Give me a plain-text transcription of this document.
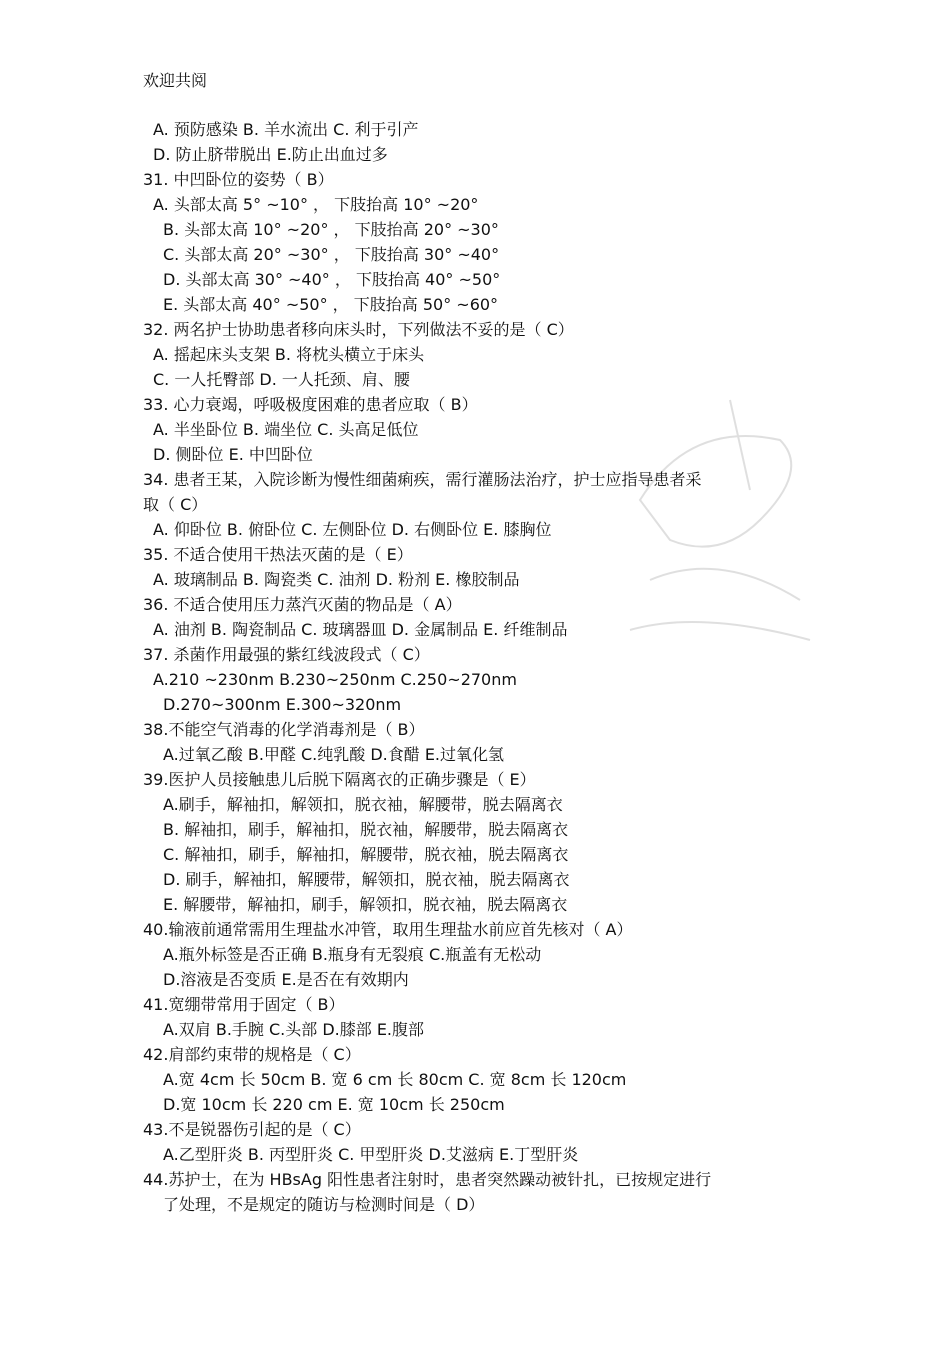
欢迎共阅
A. 预防感染 B. 羊水流出 C. 利于引产
D. 防止脐带脱出 E.防止出血过多
31. 中凹卧位的姿势（ B）
A. 头部太高 5° ~10° ， 下肢抬高 10° ~20°
B. 头部太高 10° ~20° ， 下肢抬高 20° ~30°
C. 头部太高 20° ~30° ， 下肢抬高 30° ~40°
D. 头部太高 30° ~40° ， 下肢抬高 40° ~50°
E. 头部太高 40° ~50° ， 下肢抬高 50° ~60°
32. 两名护士协助患者移向床头时，下列做法不妥的是（ C）
A. 摇起床头支架 B. 将枕头横立于床头
C. 一人托臀部 D. 一人托颈、肩、腰
33. 心力衰竭，呼吸极度困难的患者应取（ B）
A. 半坐卧位 B. 端坐位 C. 头高足低位
D. 侧卧位 E. 中凹卧位
34. 患者王某，入院诊断为慢性细菌痢疾，需行灌肠法治疗，护士应指导患者采
取（ C）
A. 仰卧位 B. 俯卧位 C. 左侧卧位 D. 右侧卧位 E. 膝胸位
35. 不适合使用干热法灭菌的是（ E）
A. 玻璃制品 B. 陶瓷类 C. 油剂 D. 粉剂 E. 橡胶制品
36. 不适合使用压力蒸汽灭菌的物品是（ A）
A. 油剂 B. 陶瓷制品 C. 玻璃器皿 D. 金属制品 E. 纤维制品
37. 杀菌作用最强的紫红线波段式（ C）
A.210 ~230nm B.230~250nm C.250~270nm
D.270~300nm E.300~320nm
38.不能空气消毒的化学消毒剂是（ B）
A.过氧乙酸 B.甲醛 C.纯乳酸 D.食醋 E.过氧化氢
39.医护人员接触患儿后脱下隔离衣的正确步骤是（ E）
A.刷手，解袖扣，解领扣，脱衣袖，解腰带，脱去隔离衣
B. 解袖扣，刷手，解袖扣，脱衣袖，解腰带，脱去隔离衣
C. 解袖扣，刷手，解袖扣，解腰带，脱衣袖，脱去隔离衣
D. 刷手，解袖扣，解腰带，解领扣，脱衣袖，脱去隔离衣
E. 解腰带，解袖扣，刷手，解领扣，脱衣袖，脱去隔离衣
40.输液前通常需用生理盐水冲管，取用生理盐水前应首先核对（ A）
A.瓶外标签是否正确 B.瓶身有无裂痕 C.瓶盖有无松动
D.溶液是否变质 E.是否在有效期内
41.宽绷带常用于固定（ B）
A.双肩 B.手腕 C.头部 D.膝部 E.腹部
42.肩部约束带的规格是（ C）
A.宽 4cm 长 50cm B. 宽 6 cm 长 80cm C. 宽 8cm 长 120cm
D.宽 10cm 长 220 cm E. 宽 10cm 长 250cm
43.不是锐器伤引起的是（ C）
A.乙型肝炎 B. 丙型肝炎 C. 甲型肝炎 D.艾滋病 E.丁型肝炎
44.苏护士，在为 HBsAg 阳性患者注射时，患者突然躁动被针扎，已按规定进行
了处理，不是规定的随访与检测时间是（ D）
